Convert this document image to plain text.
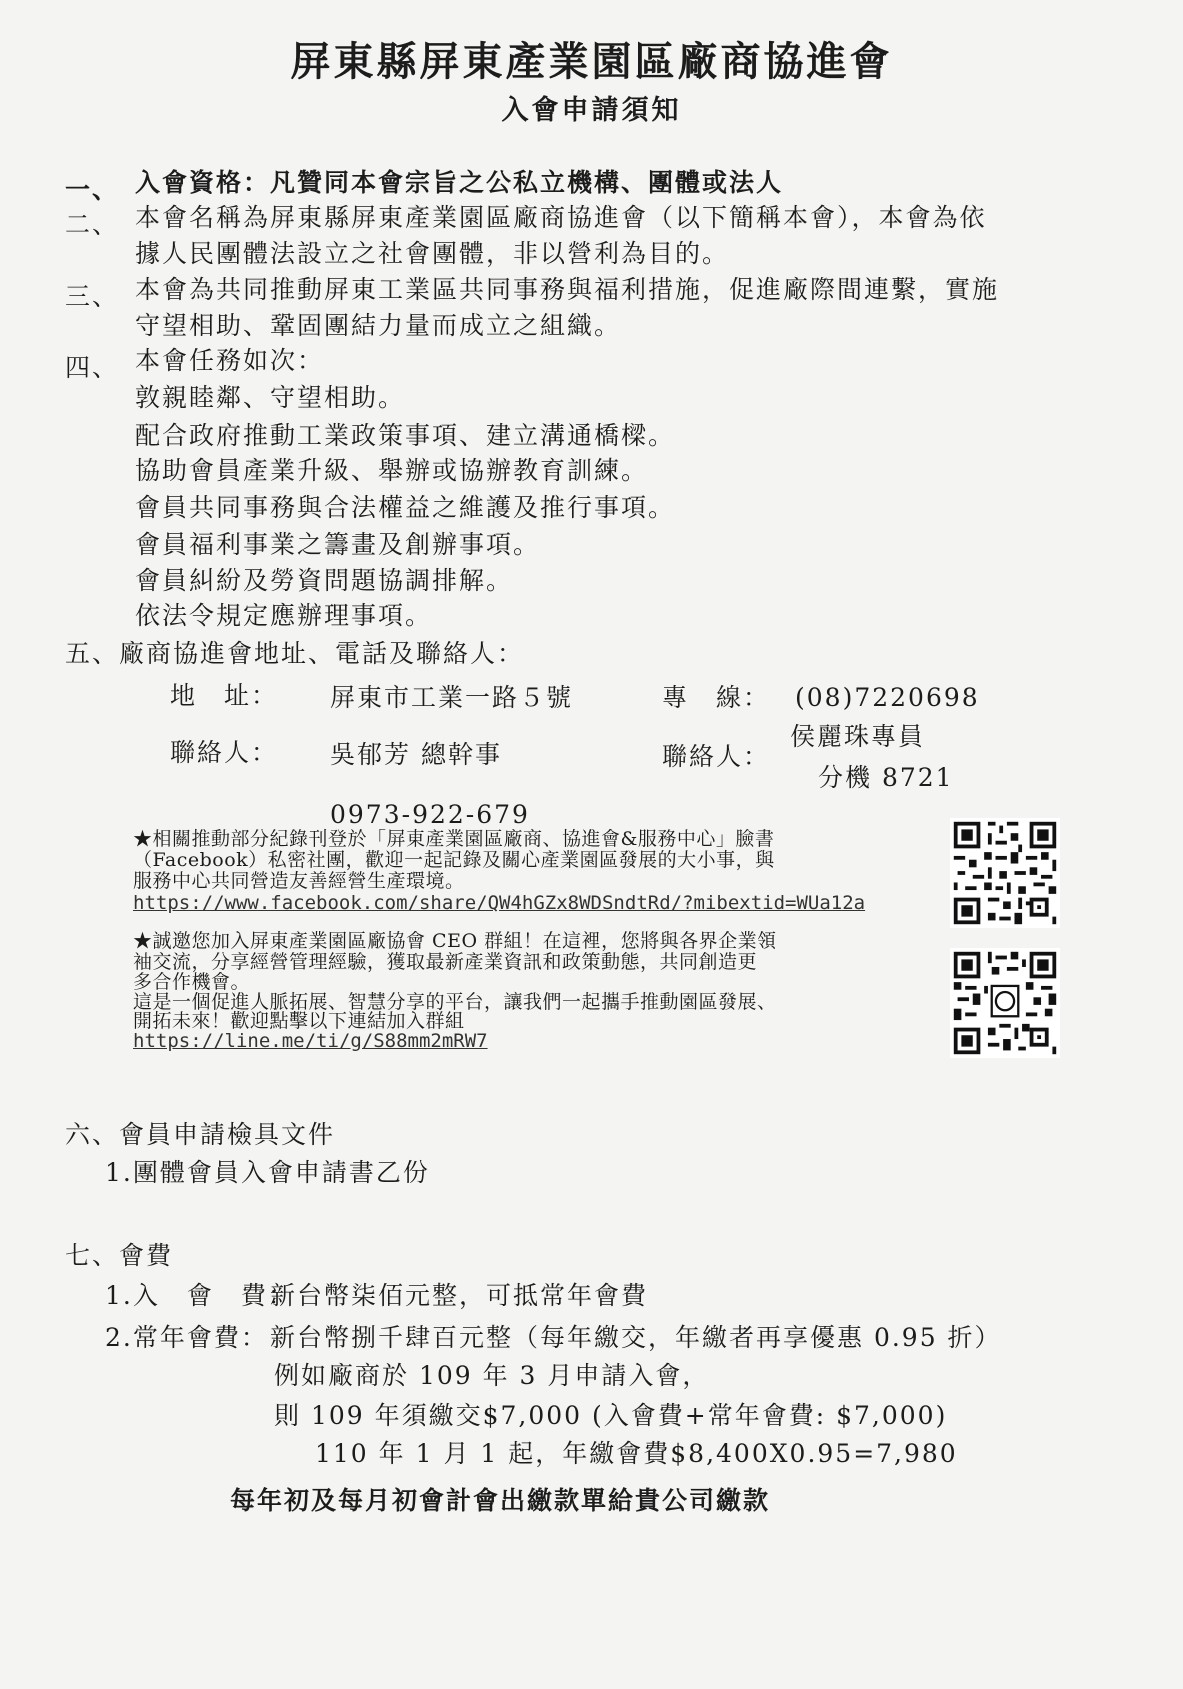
屏東縣屏東產業園區廠商協進會
入會申請須知
一、 入會資格：凡贊同本會宗旨之公私立機構、團體或法人
二、 本會名稱為屏東縣屏東產業園區廠商協進會（以下簡稱本會），本會為依
據人民團體法設立之社會團體，非以營利為目的。
三、 本會為共同推動屏東工業區共同事務與福利措施，促進廠際間連繫，實施
守望相助、鞏固團結力量而成立之組織。
四、 本會任務如次：
敦親睦鄰、守望相助。
配合政府推動工業政策事項、建立溝通橋樑。
協助會員產業升級、舉辦或協辦教育訓練。
會員共同事務與合法權益之維護及推行事項。
會員福利事業之籌畫及創辦事項。
會員糾紛及勞資問題協調排解。
依法令規定應辦理事項。
五、廠商協進會地址、電話及聯絡人：
地　址： 屏東市工業一路５號	專　線： (08)7220698
聯絡人： 吳郁芳 總幹事	聯絡人：
侯麗珠專員
分機 8721
0973-922-679
★相關推動部分紀錄刊登於「屏東產業園區廠商、協進會&服務中心」臉書
（Facebook）私密社團，歡迎一起記錄及關心產業園區發展的大小事，與
服務中心共同營造友善經營生產環境。
https://www.facebook.com/share/QW4hGZx8WDSndtRd/?mibextid=WUa12a
★誠邀您加入屏東產業園區廠協會 CEO 群組！在這裡，您將與各界企業領
袖交流，分享經營管理經驗，獲取最新產業資訊和政策動態，共同創造更
多合作機會。
這是一個促進人脈拓展、智慧分享的平台，讓我們一起攜手推動園區發展、
開拓未來！歡迎點擊以下連結加入群組
https://line.me/ti/g/S88mm2mRW7
六、會員申請檢具文件
1.團體會員入會申請書乙份
七、會費
1.入　會　費：
新台幣柒佰元整，可抵常年會費
2.常年會費： 新台幣捌千肆百元整（每年繳交，年繳者再享優惠 0.95 折）
例如廠商於 109 年 3 月申請入會，
則 109 年須繳交$7,000 (入會費+常年會費: $7,000)
110 年 1 月 1 起，年繳會費$8,400X0.95=7,980
每年初及每月初會計會出繳款單給貴公司繳款
